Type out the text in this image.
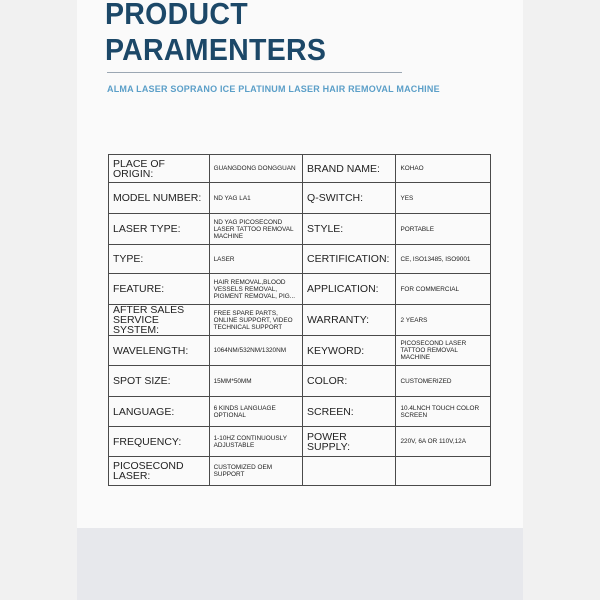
PRODUCT
PARAMENTERS
ALMA LASER SOPRANO ICE PLATINUM LASER HAIR REMOVAL MACHINE
PLACE OF ORIGIN:	GUANGDONG DONGGUAN	BRAND NAME:	KOHAO
MODEL NUMBER:	ND YAG LA1	Q-SWITCH:	YES
LASER TYPE:	ND YAG PICOSECOND LASER TATTOO REMOVAL MACHINE	STYLE:	PORTABLE
TYPE:	LASER	CERTIFICATION:	CE, ISO13485, ISO9001
FEATURE:	HAIR REMOVAL,BLOOD VESSELS REMOVAL, PIGMENT REMOVAL, PIG...	APPLICATION:	FOR COMMERCIAL
AFTER SALES SERVICE SYSTEM:	FREE SPARE PARTS, ONLINE SUPPORT, VIDEO TECHNICAL SUPPORT	WARRANTY:	2 YEARS
WAVELENGTH:	1064NM/532NM/1320NM	KEYWORD:	PICOSECOND LASER TATTOO REMOVAL MACHINE
SPOT SIZE:	15MM*50MM	COLOR:	CUSTOMERIZED
LANGUAGE:	6 KINDS LANGUAGE OPTIONAL	SCREEN:	10.4LNCH TOUCH COLOR SCREEN
FREQUENCY:	1-10HZ CONTINUOUSLY ADJUSTABLE	POWER SUPPLY:	220V, 6A OR 110V,12A
PICOSECOND LASER:	CUSTOMIZED OEM SUPPORT		
